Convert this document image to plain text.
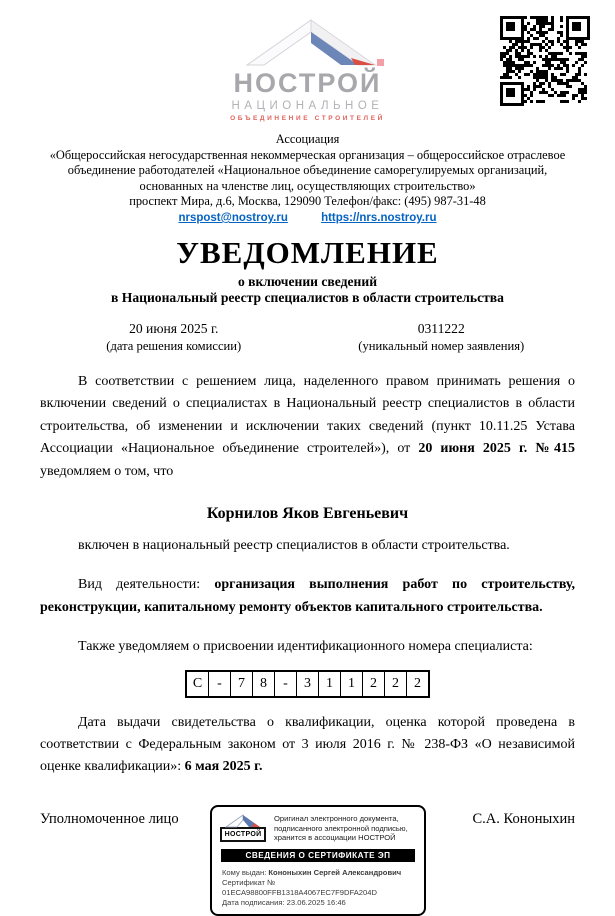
НОСТРОЙ
НАЦИОНАЛЬНОЕ
ОБЪЕДИНЕНИЕ СТРОИТЕЛЕЙ
Ассоциация
«Общероссийская негосударственная некоммерческая организация – общероссийское отраслевое объединение работодателей «Национальное объединение саморегулируемых организаций, основанных на членстве лиц, осуществляющих строительство»
проспект Мира, д.6, Москва, 129090 Телефон/факс: (495) 987-31-48
nrspost@nostroy.ru	https://nrs.nostroy.ru
УВЕДОМЛЕНИЕ
о включении сведений
в Национальный реестр специалистов в области строительства
20 июня 2025 г.
(дата решения комиссии)
0311222
(уникальный номер заявления)
В соответствии с решением лица, наделенного правом принимать решения о включении сведений о специалистах в Национальный реестр специалистов в области строительства, об изменении и исключении таких сведений (пункт 10.11.25 Устава Ассоциации «Национальное объединение строителей»), от 20 июня 2025 г. №415 уведомляем о том, что
Корнилов Яков Евгеньевич
включен в национальный реестр специалистов в области строительства.
Вид деятельности: организация выполнения работ по строительству, реконструкции, капитальному ремонту объектов капитального строительства.
Также уведомляем о присвоении идентификационного номера специалиста:
С	-	7	8	-	3	1	1	2	2	2
Дата выдачи свидетельства о квалификации, оценка которой проведена в соответствии с Федеральным законом от 3 июля 2016 г. № 238-ФЗ «О независимой оценке квалификации»: 6 мая 2025 г.
Уполномоченное лицо
НОСТРОЙ
Оригинал электронного документа, подписанного электронной подписью, хранится в ассоциации НОСТРОЙ
СВЕДЕНИЯ О СЕРТИФИКАТЕ ЭП
Кому выдан: Кононыхин Сергей Александрович
Сертификат № 01ECA98800FFB1318A4067EC7F9DFA204D
Дата подписания: 23.06.2025 16:46
С.А. Кононыхин
